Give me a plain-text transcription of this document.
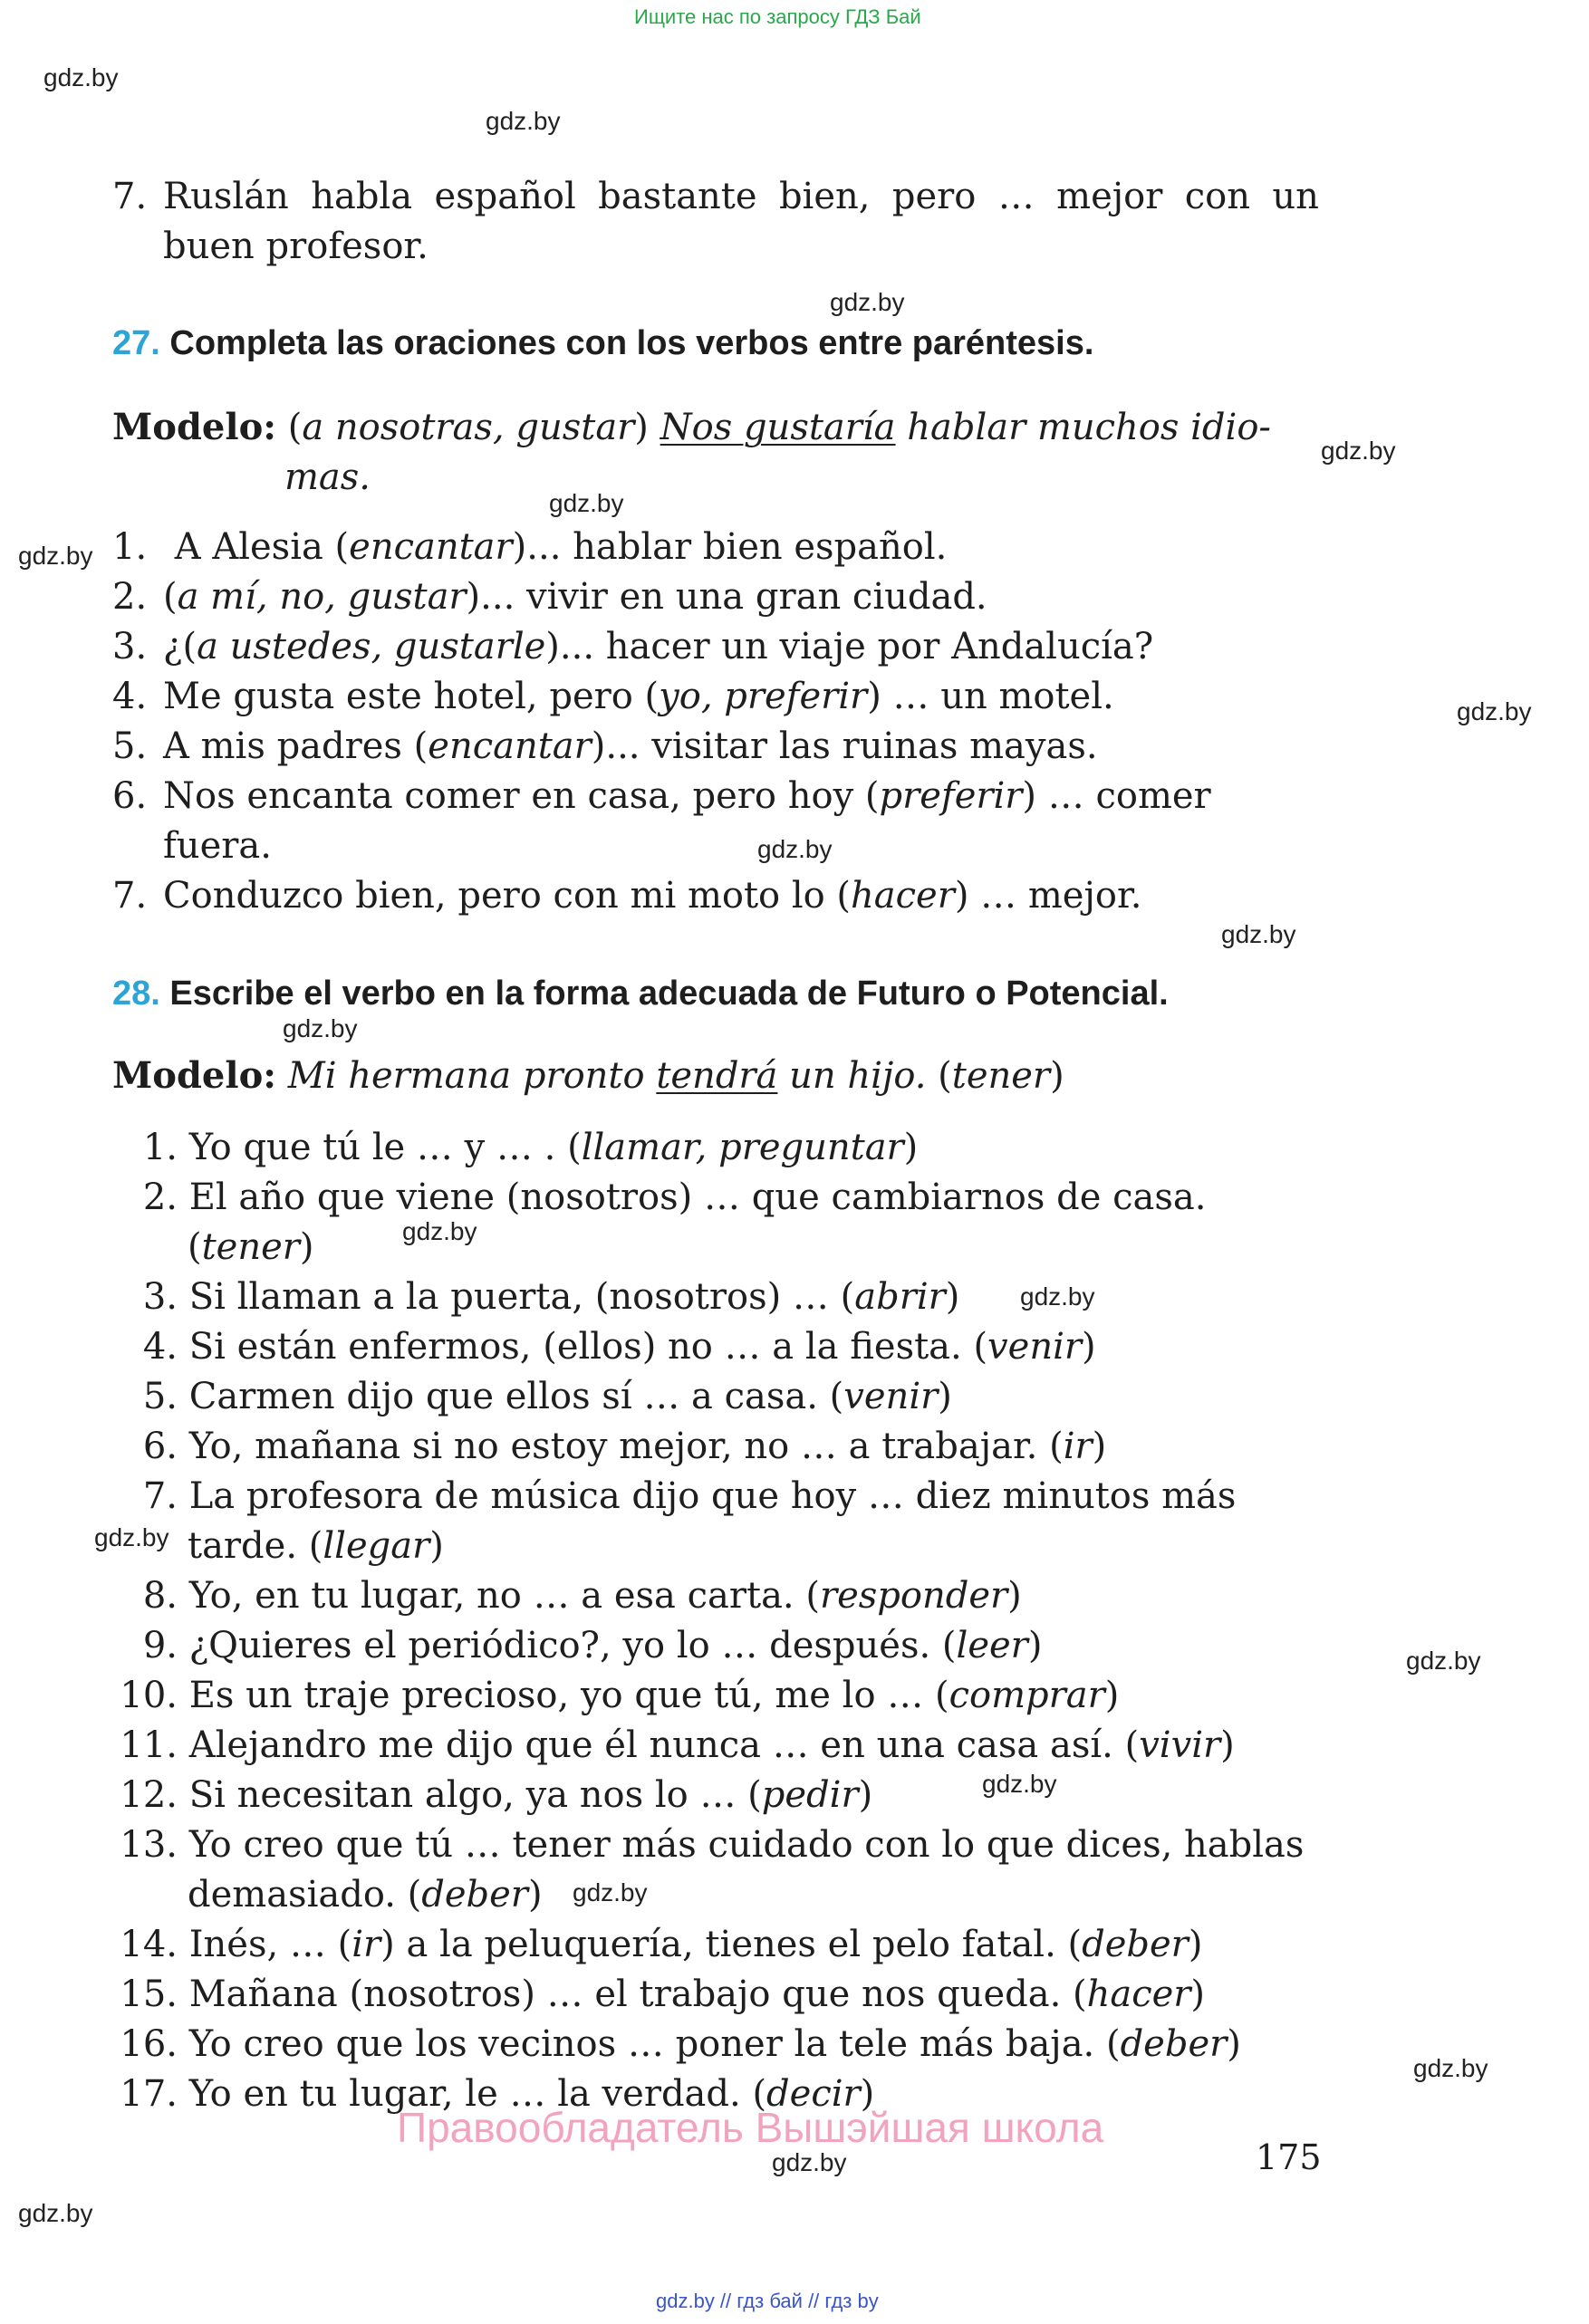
Ищите нас по запросу ГДЗ Бай
gdz.by
gdz.by
gdz.by
gdz.by
gdz.by
gdz.by
gdz.by
gdz.by
gdz.by
gdz.by
gdz.by
gdz.by
gdz.by
gdz.by
gdz.by
gdz.by
gdz.by
gdz.by
gdz.by
7. Ruslán habla español bastante bien, pero … mejor con un
buen profesor.
27. Completa las oraciones con los verbos entre paréntesis.
Modelo: (a nosotras, gustar) Nos gustaría hablar muchos idio-
mas.
1. A Alesia (encantar)... hablar bien español.
2. (a mí, no, gustar)... vivir en una gran ciudad.
3. ¿(a ustedes, gustarle)... hacer un viaje por Andalucía?
4. Me gusta este hotel, pero (yo, preferir) … un motel.
5. A mis padres (encantar)... visitar las ruinas mayas.
6. Nos encanta comer en casa, pero hoy (preferir) … comer
fuera.
7. Conduzco bien, pero con mi moto lo (hacer) … mejor.
28. Escribe el verbo en la forma adecuada de Futuro o Potencial.
Modelo: Mi hermana pronto tendrá un hijo. (tener)
1. Yo que tú le … y … . (llamar, preguntar)
2. El año que viene (nosotros) … que cambiarnos de casa.
(tener)
3. Si llaman a la puerta, (nosotros) … (abrir)
4. Si están enfermos, (ellos) no … a la fiesta. (venir)
5. Carmen dijo que ellos sí … a casa. (venir)
6. Yo, mañana si no estoy mejor, no … a trabajar. (ir)
7. La profesora de música dijo que hoy … diez minutos más
tarde. (llegar)
8. Yo, en tu lugar, no … a esa carta. (responder)
9. ¿Quieres el periódico?, yo lo … después. (leer)
10. Es un traje precioso, yo que tú, me lo … (comprar)
11. Alejandro me dijo que él nunca … en una casa así. (vivir)
12. Si necesitan algo, ya nos lo … (pedir)
13. Yo creo que tú … tener más cuidado con lo que dices, hablas
demasiado. (deber)
14. Inés, … (ir) a la peluquería, tienes el pelo fatal. (deber)
15. Mañana (nosotros) … el trabajo que nos queda. (hacer)
16. Yo creo que los vecinos … poner la tele más baja. (deber)
17. Yo en tu lugar, le … la verdad. (decir)
Правообладатель Вышэйшая школа
175
gdz.by // гдз бай // гдз by
